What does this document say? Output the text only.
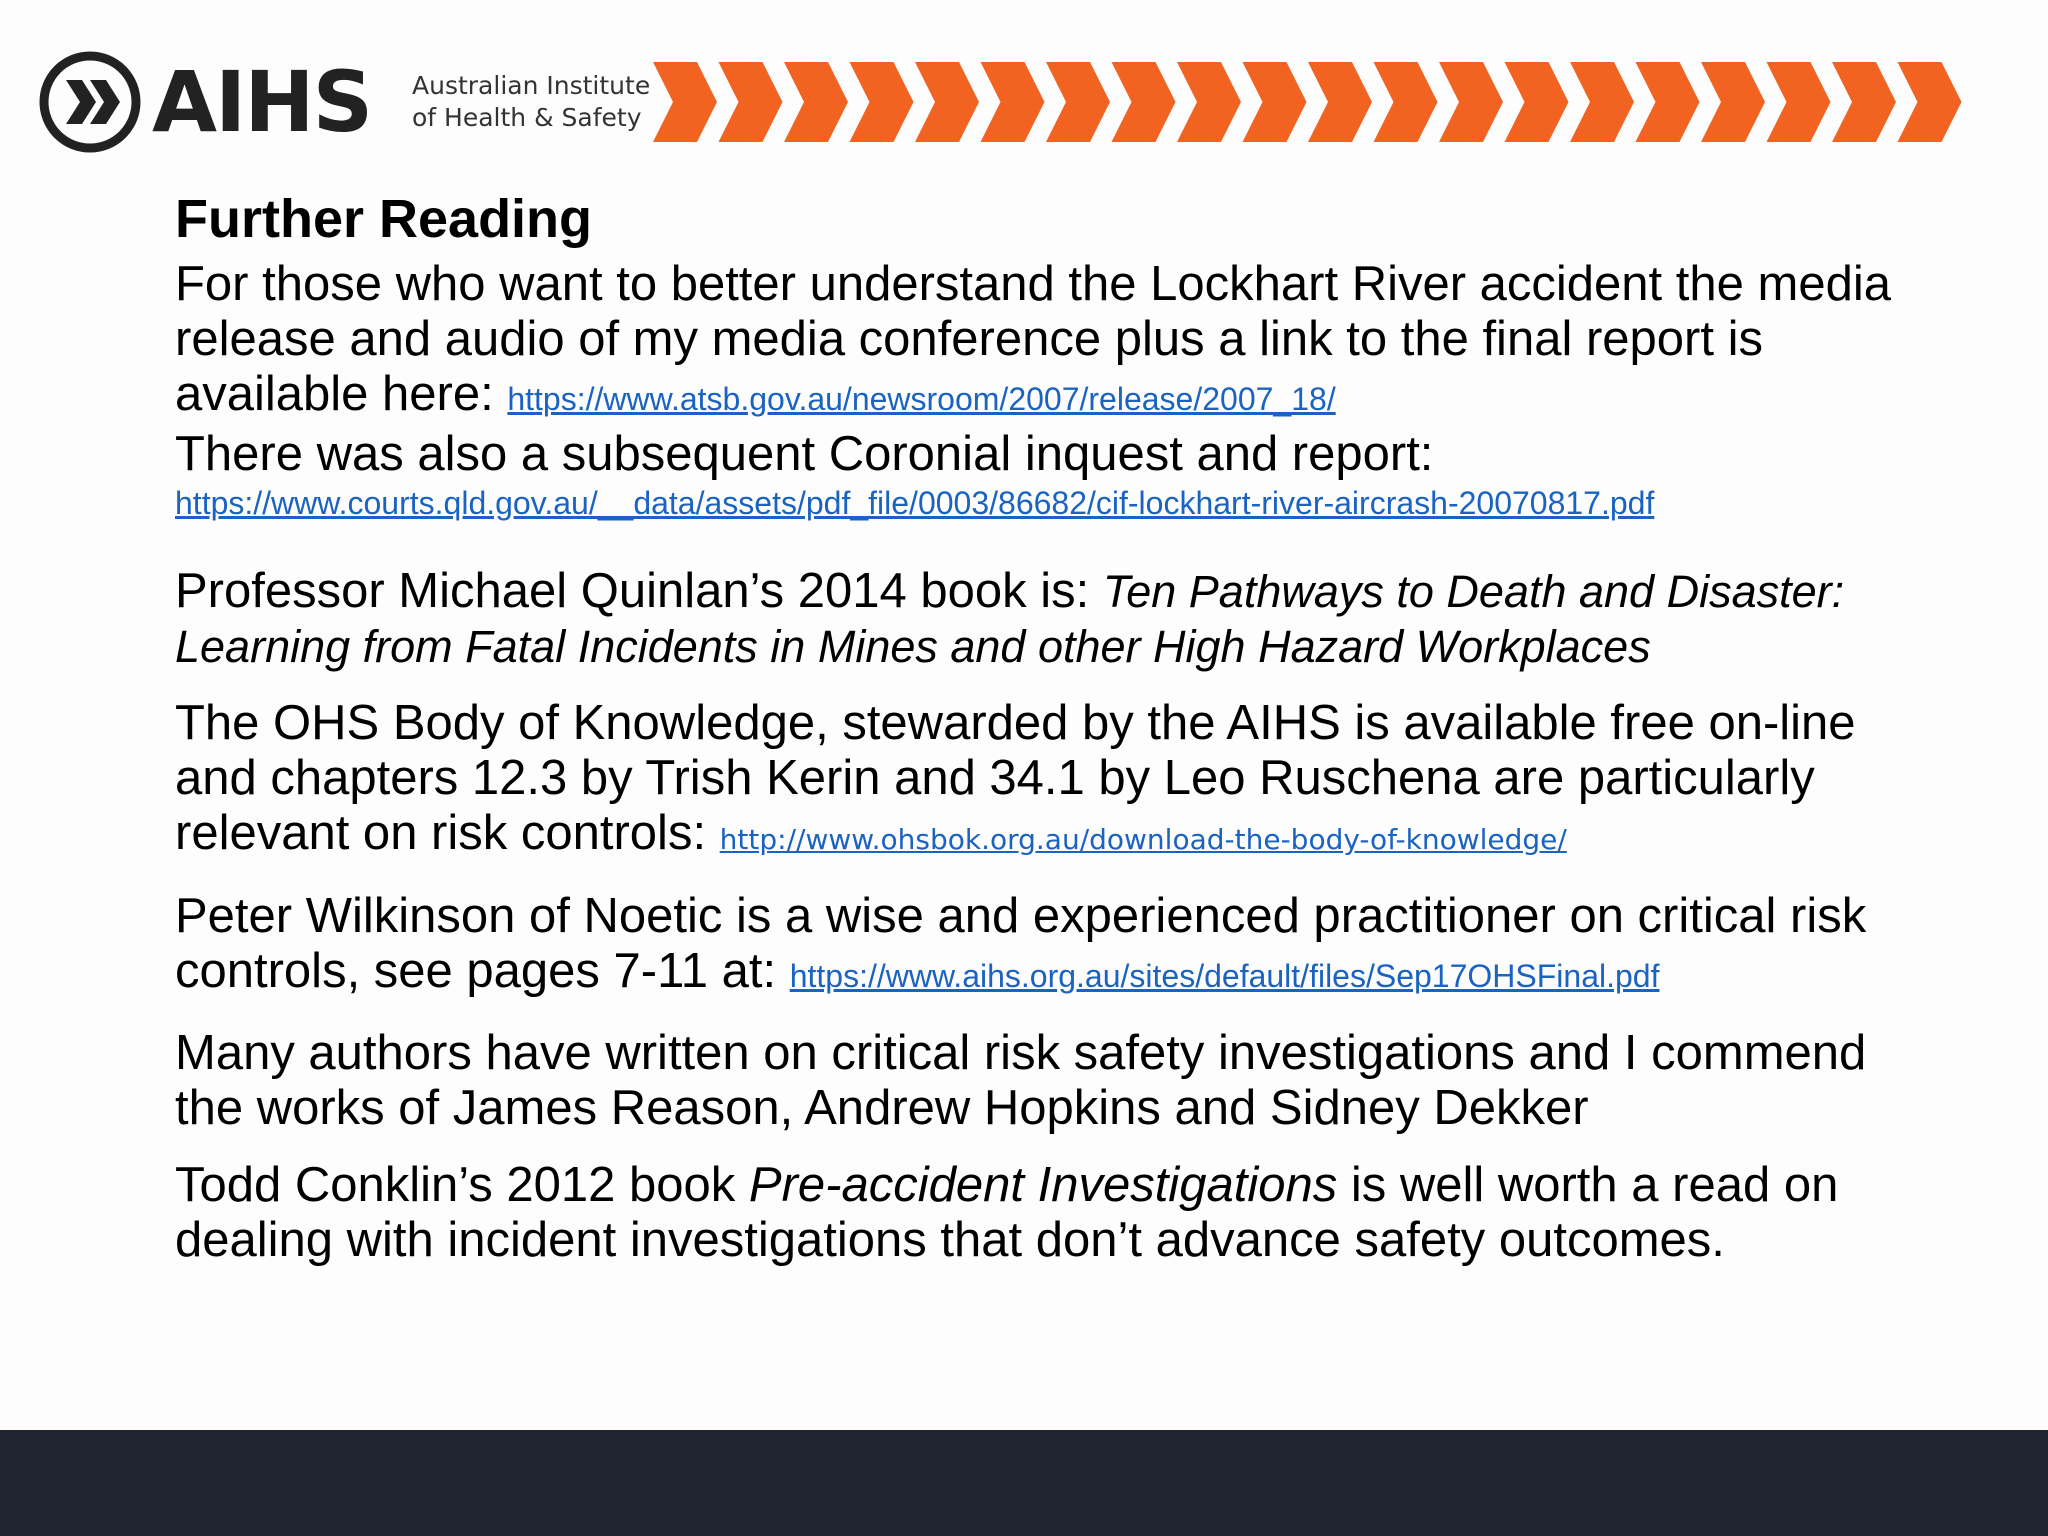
AIHS Australian Institute
of Health & Safety
Further Reading
For those who want to better understand the Lockhart River accident the media release and audio of my media conference plus a link to the final report is available here: https://www.atsb.gov.au/newsroom/2007/release/2007_18/
There was also a subsequent Coronial inquest and report:
https://www.courts.qld.gov.au/__data/assets/pdf_file/0003/86682/cif-lockhart-river-aircrash-20070817.pdf
Professor Michael Quinlan’s 2014 book is: Ten Pathways to Death and Disaster: Learning from Fatal Incidents in Mines and other High Hazard Workplaces
The OHS Body of Knowledge, stewarded by the AIHS is available free on-line and chapters 12.3 by Trish Kerin and 34.1 by Leo Ruschena are particularly relevant on risk controls: http://www.ohsbok.org.au/download-the-body-of-knowledge/
Peter Wilkinson of Noetic is a wise and experienced practitioner on critical risk controls, see pages 7-11 at: https://www.aihs.org.au/sites/default/files/Sep17OHSFinal.pdf
Many authors have written on critical risk safety investigations and I commend the works of James Reason, Andrew Hopkins and Sidney Dekker
Todd Conklin’s 2012 book Pre-accident Investigations is well worth a read on dealing with incident investigations that don’t advance safety outcomes.
